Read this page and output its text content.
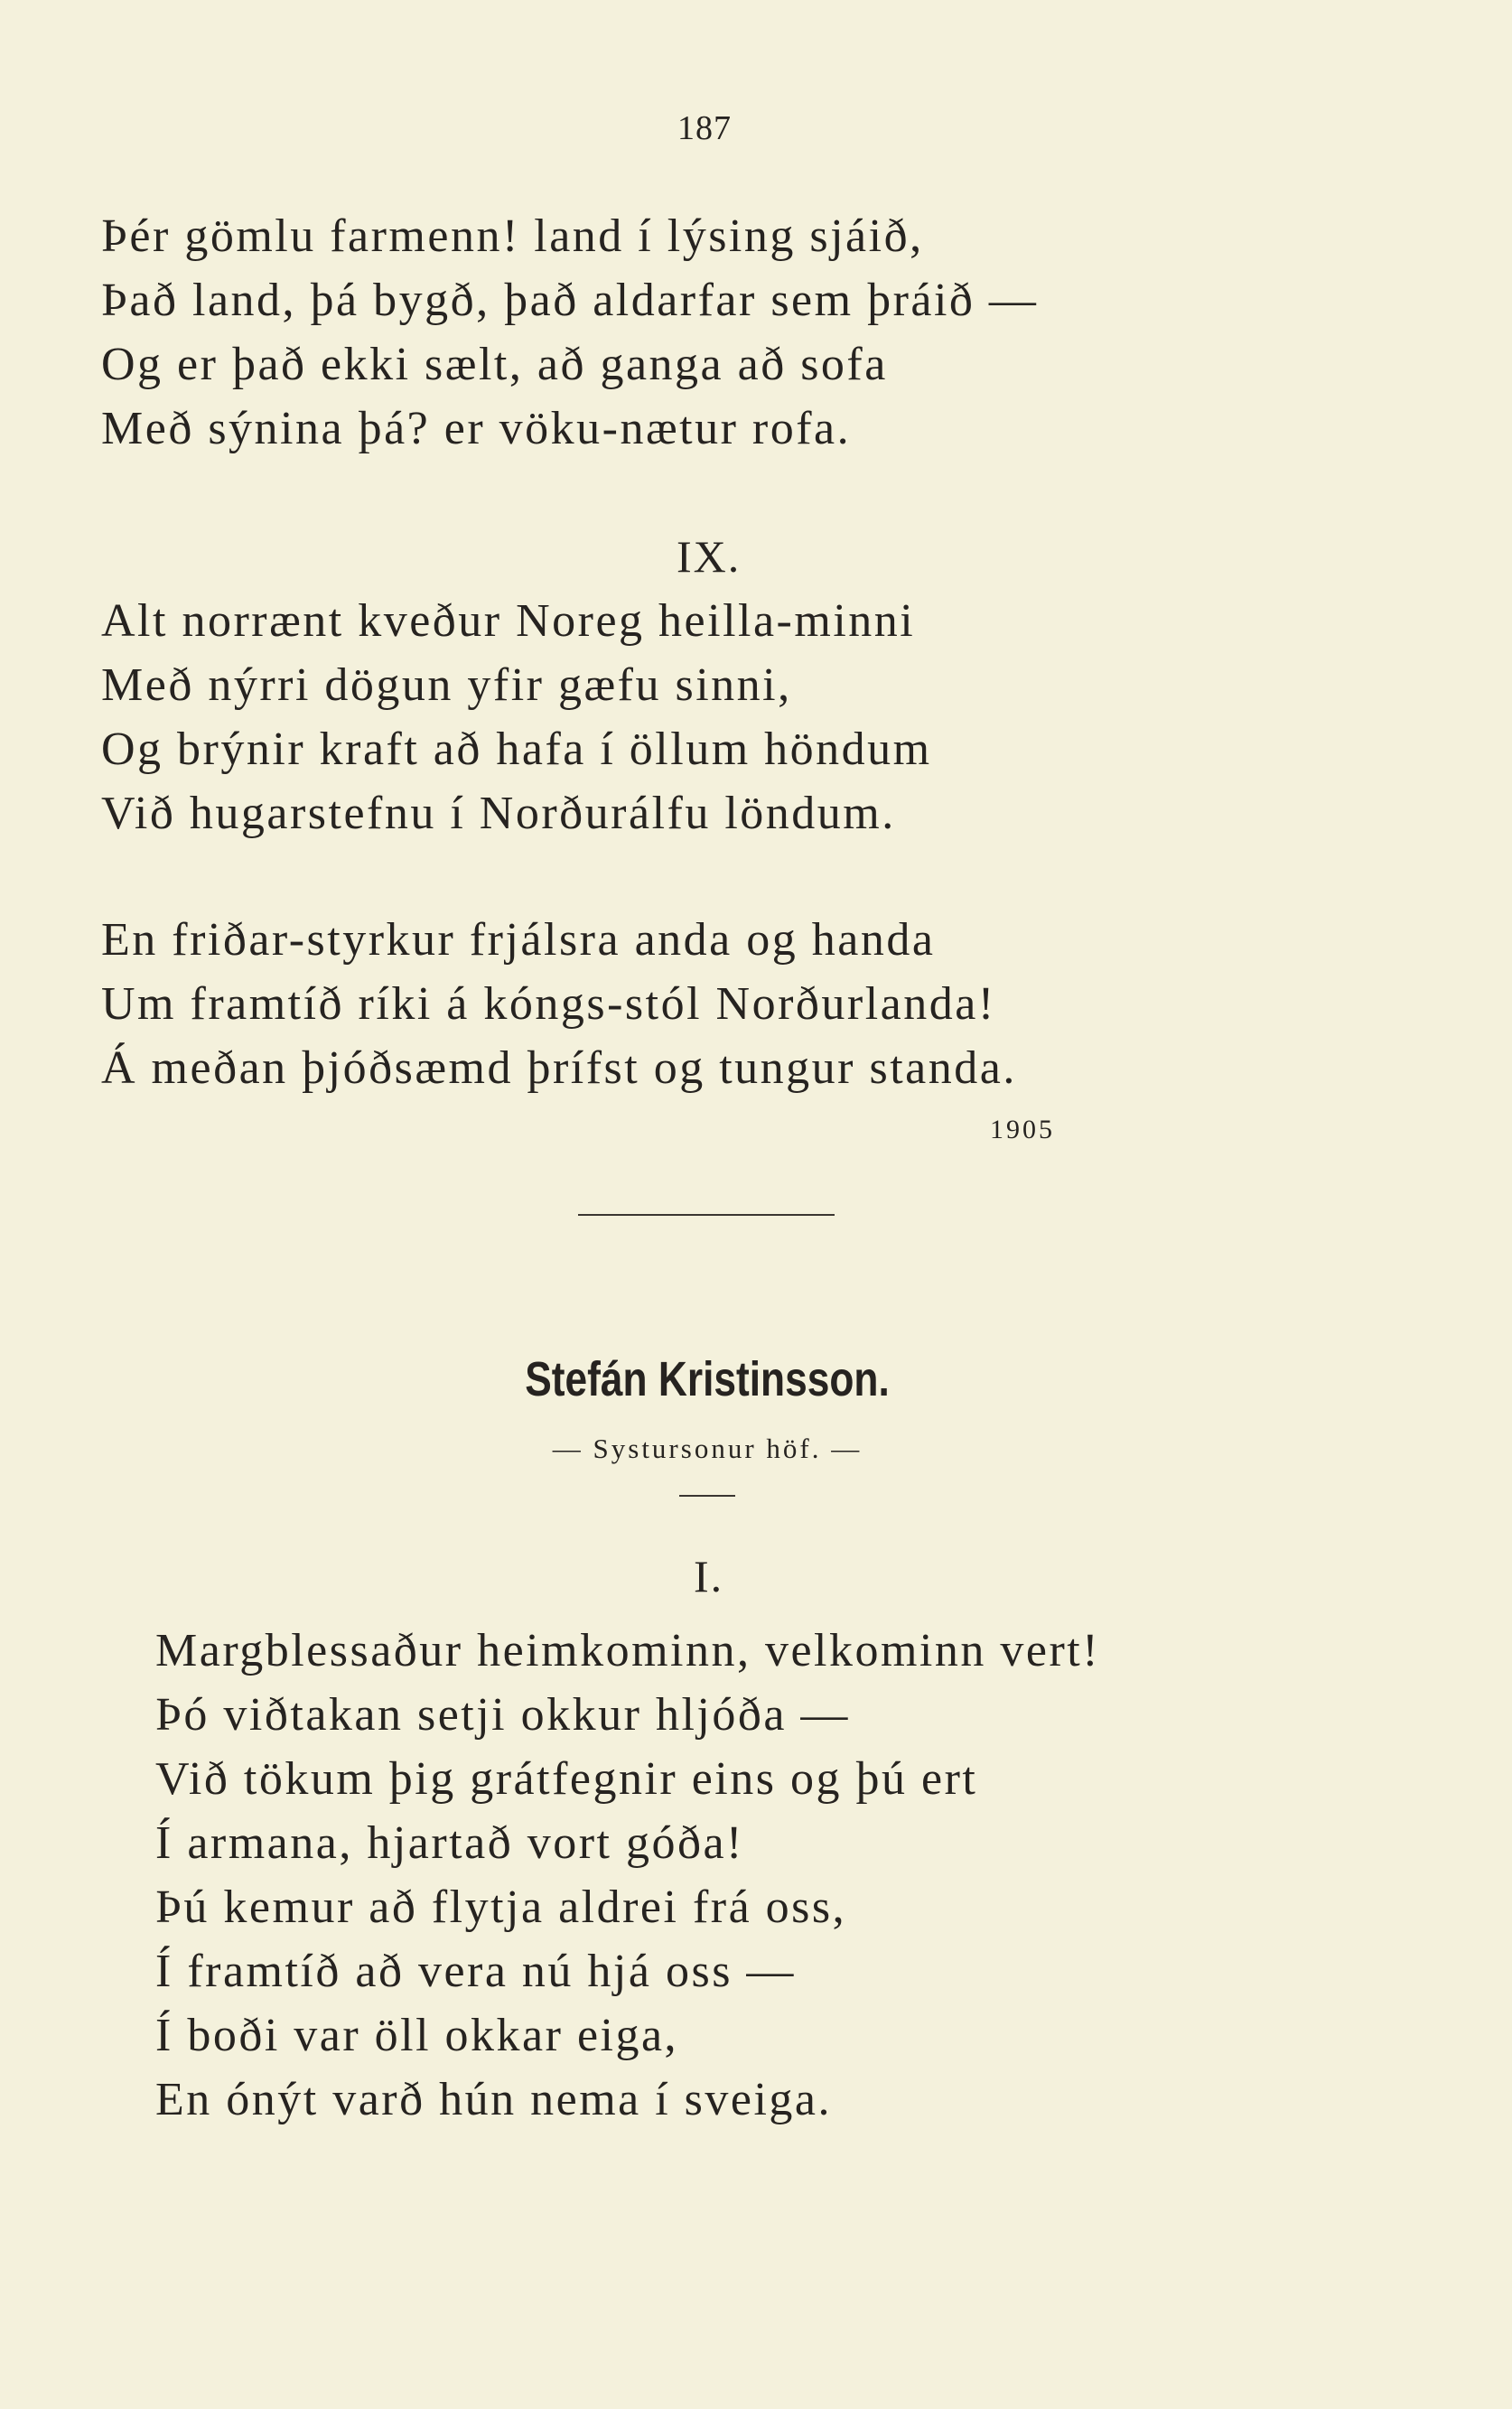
187
Þér gömlu farmenn! land í lýsing sjáið,
Það land, þá bygð, það aldarfar sem þráið —
Og er það ekki sælt, að ganga að sofa
Með sýnina þá? er vöku-nætur rofa.
IX.
Alt norrænt kveður Noreg heilla-minni
Með nýrri dögun yfir gæfu sinni,
Og brýnir kraft að hafa í öllum höndum
Við hugarstefnu í Norðurálfu löndum.
En friðar-styrkur frjálsra anda og handa
Um framtíð ríki á kóngs-stól Norðurlanda!
Á meðan þjóðsæmd þrífst og tungur standa.
1905
Stefán Kristinsson.
— Systursonur höf. —
I.
Margblessaður heimkominn, velkominn vert!
Þó viðtakan setji okkur hljóða —
Við tökum þig grátfegnir eins og þú ert
Í armana, hjartað vort góða!
Þú kemur að flytja aldrei frá oss,
Í framtíð að vera nú hjá oss —
Í boði var öll okkar eiga,
En ónýt varð hún nema í sveiga.
